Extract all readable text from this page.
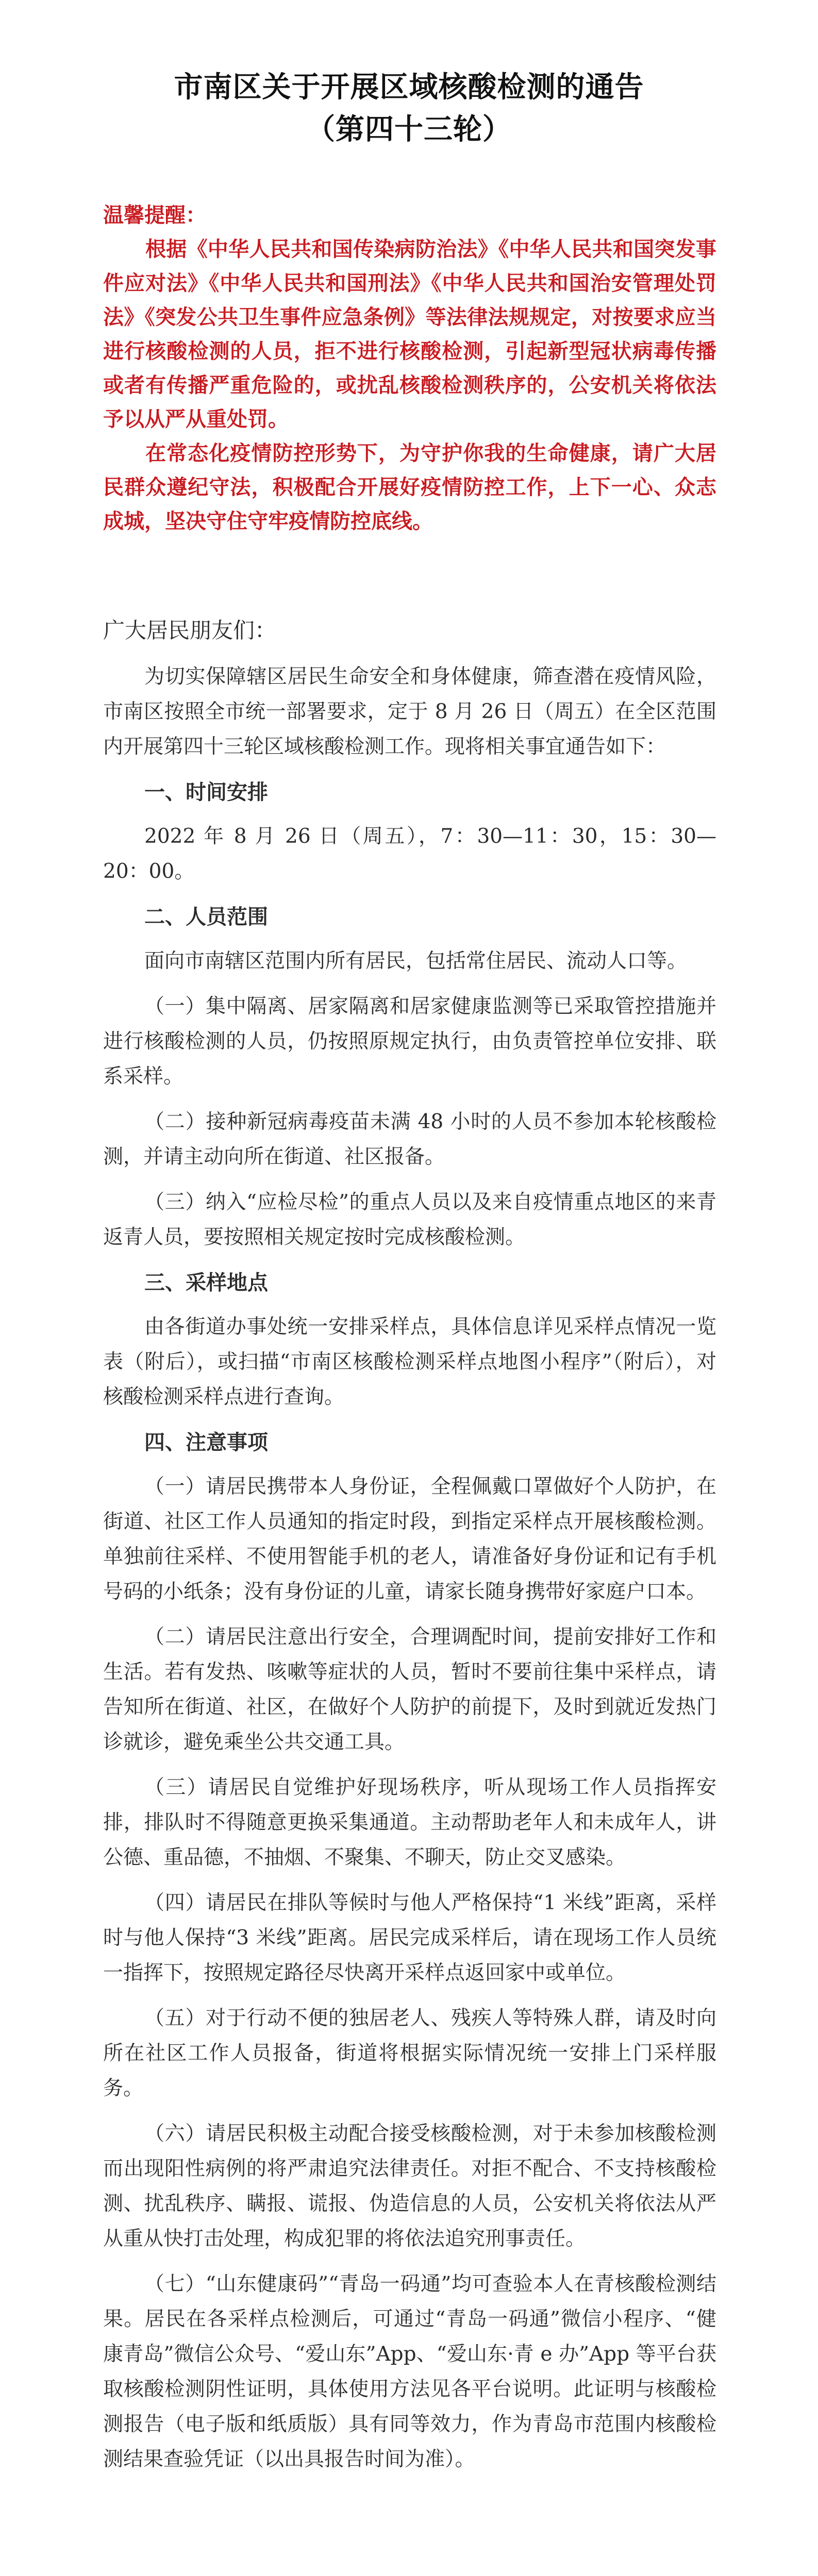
市南区关于开展区域核酸检测的通告
（第四十三轮）

温馨提醒：

根据《中华人民共和国传染病防治法》《中华人民共和国突发事件应对法》《中华人民共和国刑法》《中华人民共和国治安管理处罚法》《突发公共卫生事件应急条例》等法律法规规定，对按要求应当进行核酸检测的人员，拒不进行核酸检测，引起新型冠状病毒传播或者有传播严重危险的，或扰乱核酸检测秩序的，公安机关将依法予以从严从重处罚。

在常态化疫情防控形势下，为守护你我的生命健康，请广大居民群众遵纪守法，积极配合开展好疫情防控工作，上下一心、众志成城，坚决守住守牢疫情防控底线。

广大居民朋友们：

为切实保障辖区居民生命安全和身体健康，筛查潜在疫情风险，市南区按照全市统一部署要求，定于 8 月 26 日（周五）在全区范围内开展第四十三轮区域核酸检测工作。现将相关事宜通告如下：

一、时间安排

2022 年 8 月 26 日（周五），7：30—11：30，15：30—20：00。

二、人员范围

面向市南辖区范围内所有居民，包括常住居民、流动人口等。

（一）集中隔离、居家隔离和居家健康监测等已采取管控措施并进行核酸检测的人员，仍按照原规定执行，由负责管控单位安排、联系采样。

（二）接种新冠病毒疫苗未满 48 小时的人员不参加本轮核酸检测，并请主动向所在街道、社区报备。

（三）纳入“应检尽检”的重点人员以及来自疫情重点地区的来青返青人员，要按照相关规定按时完成核酸检测。

三、采样地点

由各街道办事处统一安排采样点，具体信息详见采样点情况一览表（附后），或扫描“市南区核酸检测采样点地图小程序”（附后），对核酸检测采样点进行查询。

四、注意事项

（一）请居民携带本人身份证，全程佩戴口罩做好个人防护，在街道、社区工作人员通知的指定时段，到指定采样点开展核酸检测。单独前往采样、不使用智能手机的老人，请准备好身份证和记有手机号码的小纸条；没有身份证的儿童，请家长随身携带好家庭户口本。

（二）请居民注意出行安全，合理调配时间，提前安排好工作和生活。若有发热、咳嗽等症状的人员，暂时不要前往集中采样点，请告知所在街道、社区，在做好个人防护的前提下，及时到就近发热门诊就诊，避免乘坐公共交通工具。

（三）请居民自觉维护好现场秩序，听从现场工作人员指挥安排，排队时不得随意更换采集通道。主动帮助老年人和未成年人，讲公德、重品德，不抽烟、不聚集、不聊天，防止交叉感染。

（四）请居民在排队等候时与他人严格保持“1 米线”距离，采样时与他人保持“3 米线”距离。居民完成采样后，请在现场工作人员统一指挥下，按照规定路径尽快离开采样点返回家中或单位。

（五）对于行动不便的独居老人、残疾人等特殊人群，请及时向所在社区工作人员报备，街道将根据实际情况统一安排上门采样服务。

（六）请居民积极主动配合接受核酸检测，对于未参加核酸检测而出现阳性病例的将严肃追究法律责任。对拒不配合、不支持核酸检测、扰乱秩序、瞒报、谎报、伪造信息的人员，公安机关将依法从严从重从快打击处理，构成犯罪的将依法追究刑事责任。

（七）“山东健康码”“青岛一码通”均可查验本人在青核酸检测结果。居民在各采样点检测后，可通过“青岛一码通”微信小程序、“健康青岛”微信公众号、“爱山东”App、“爱山东·青 e 办”App 等平台获取核酸检测阴性证明，具体使用方法见各平台说明。此证明与核酸检测报告（电子版和纸质版）具有同等效力，作为青岛市范围内核酸检测结果查验凭证（以出具报告时间为准）。
